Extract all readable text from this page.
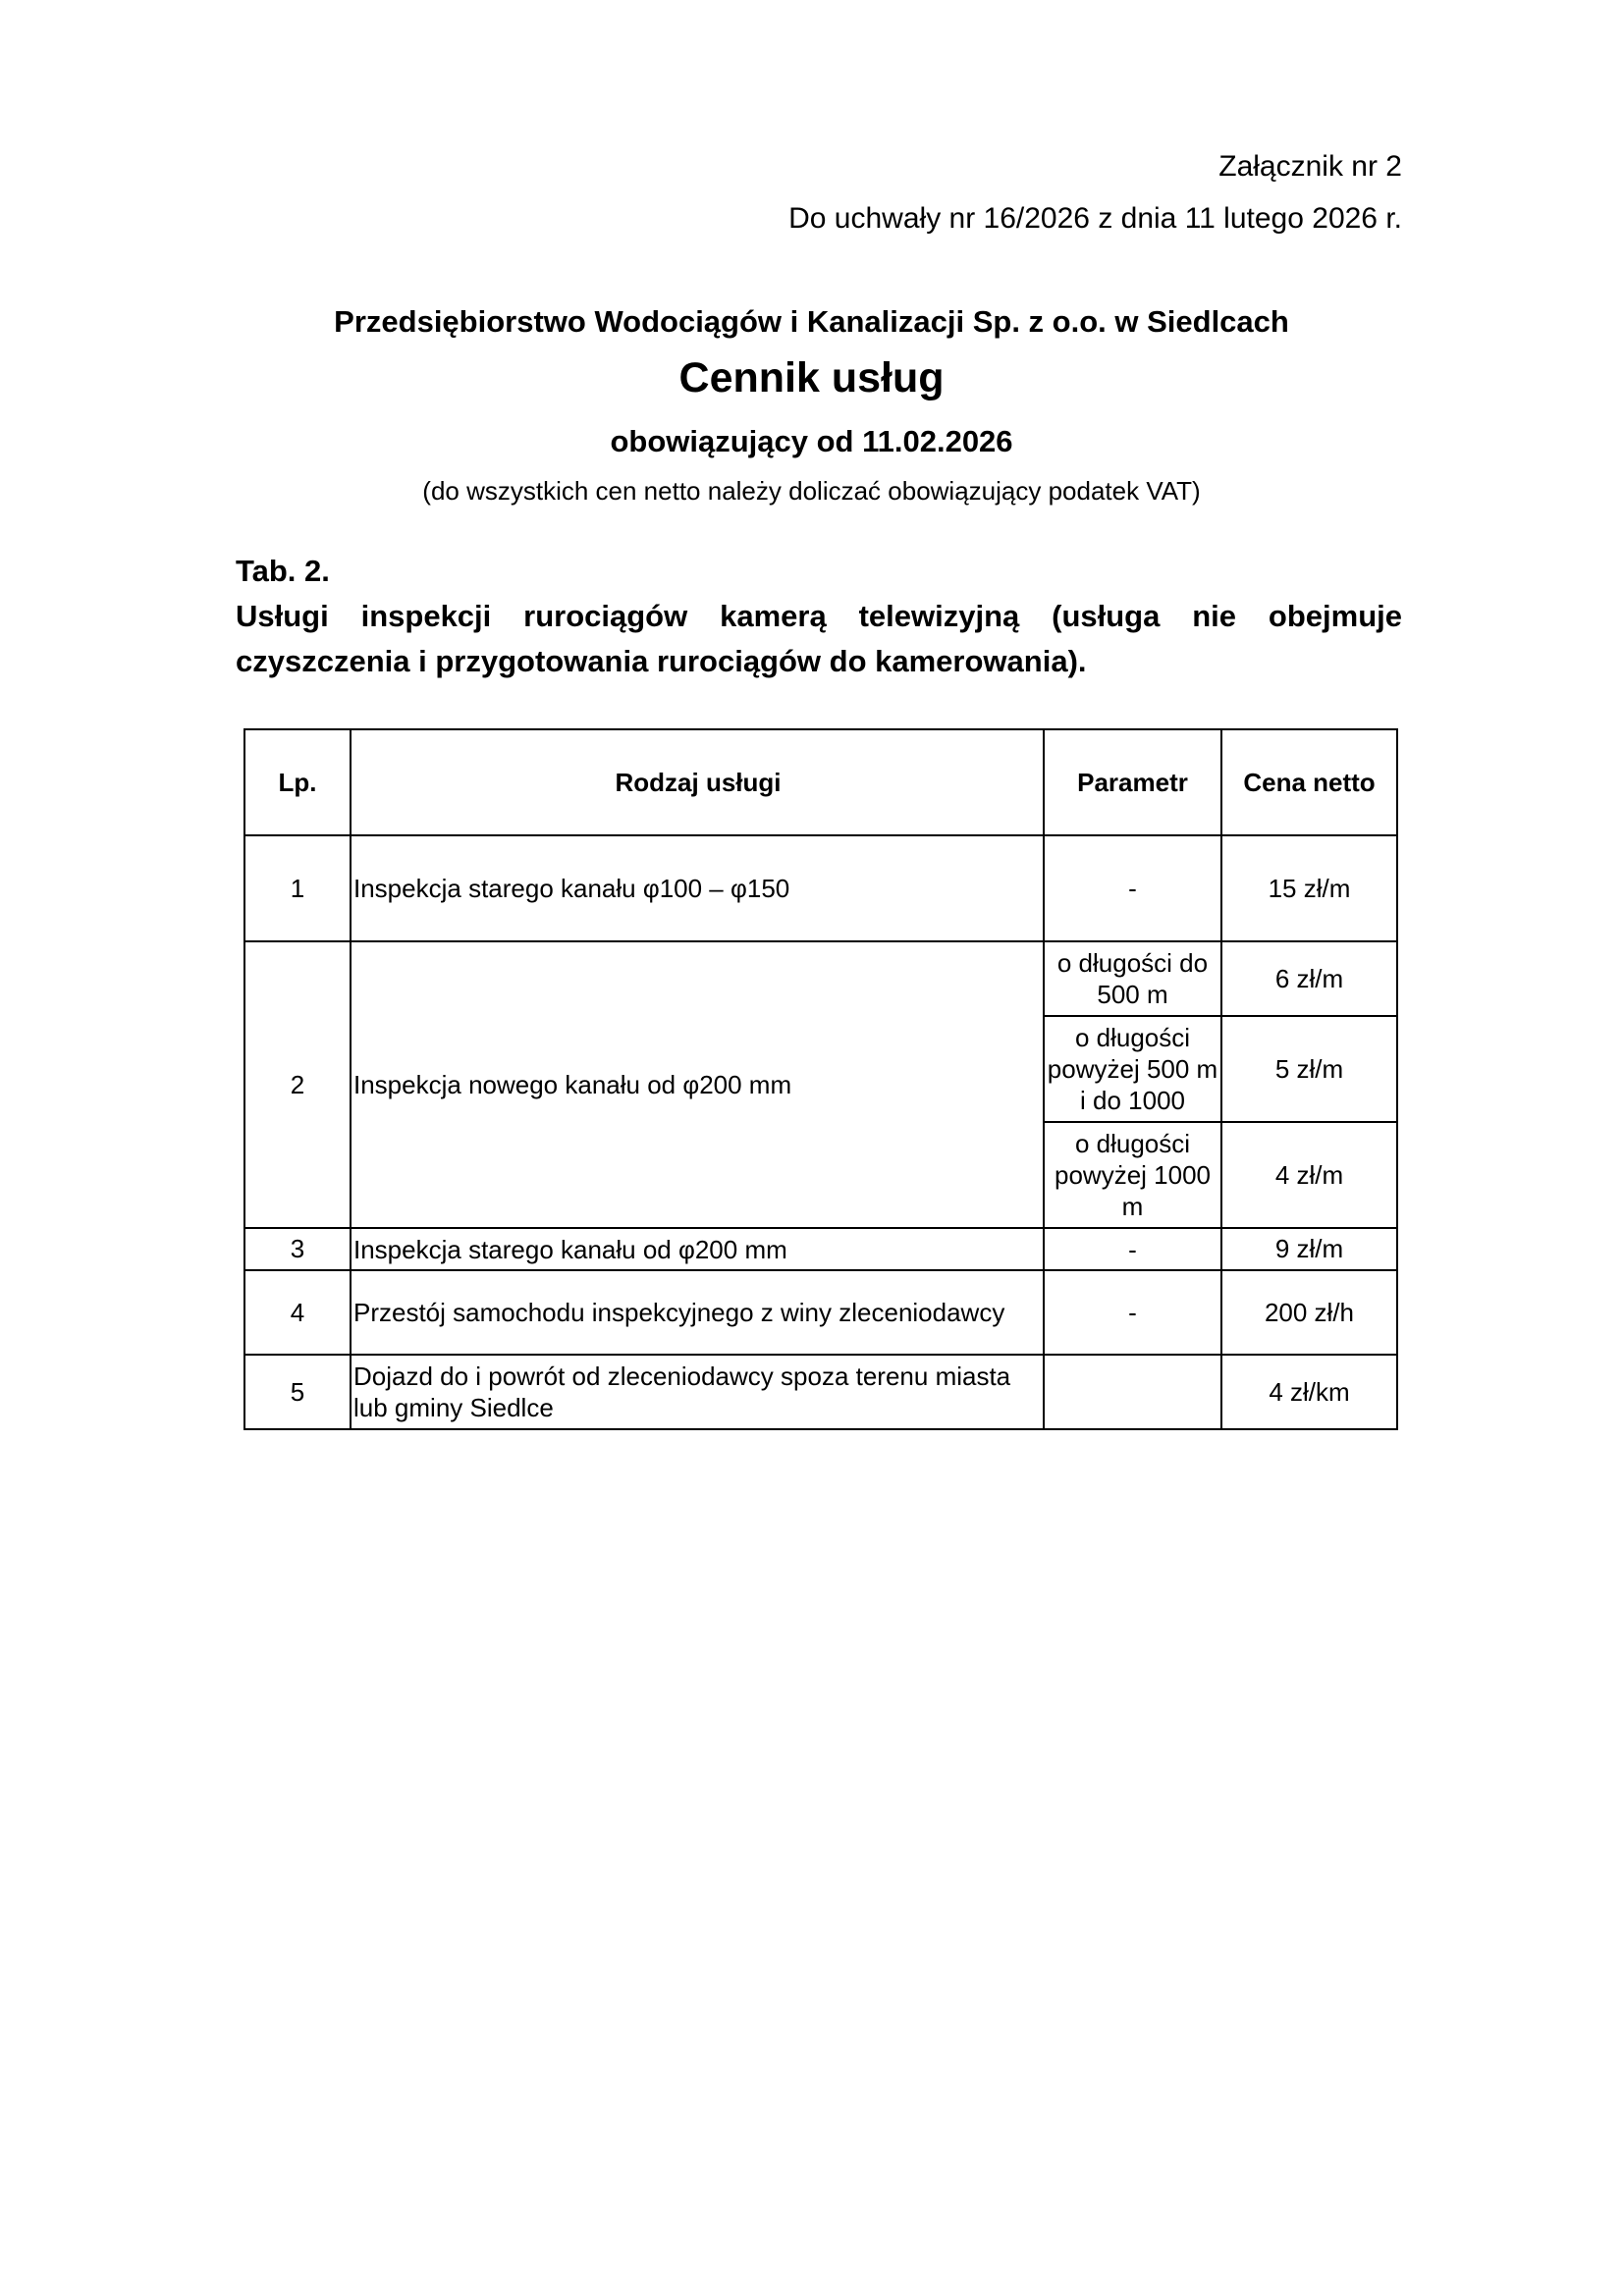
Załącznik nr 2
Do uchwały nr 16/2026 z dnia 11 lutego 2026 r.
Przedsiębiorstwo Wodociągów i Kanalizacji Sp. z o.o. w Siedlcach
Cennik usług
obowiązujący od 11.02.2026
(do wszystkich cen netto należy doliczać obowiązujący podatek VAT)
Tab. 2.
Usługi inspekcji rurociągów kamerą telewizyjną (usługa nie obejmuje czyszczenia i przygotowania rurociągów do kamerowania).
Lp.	Rodzaj usługi	Parametr	Cena netto
1	Inspekcja starego kanału φ100 – φ150	-	15 zł/m
2	Inspekcja nowego kanału od φ200 mm	o długości do 500 m	6 zł/m
		o długości powyżej 500 m i do 1000	5 zł/m
		o długości powyżej 1000 m	4 zł/m
3	Inspekcja starego kanału od φ200 mm	-	9 zł/m
4	Przestój samochodu inspekcyjnego z winy zleceniodawcy	-	200 zł/h
5	Dojazd do i powrót od zleceniodawcy spoza terenu miasta lub gminy Siedlce		4 zł/km
